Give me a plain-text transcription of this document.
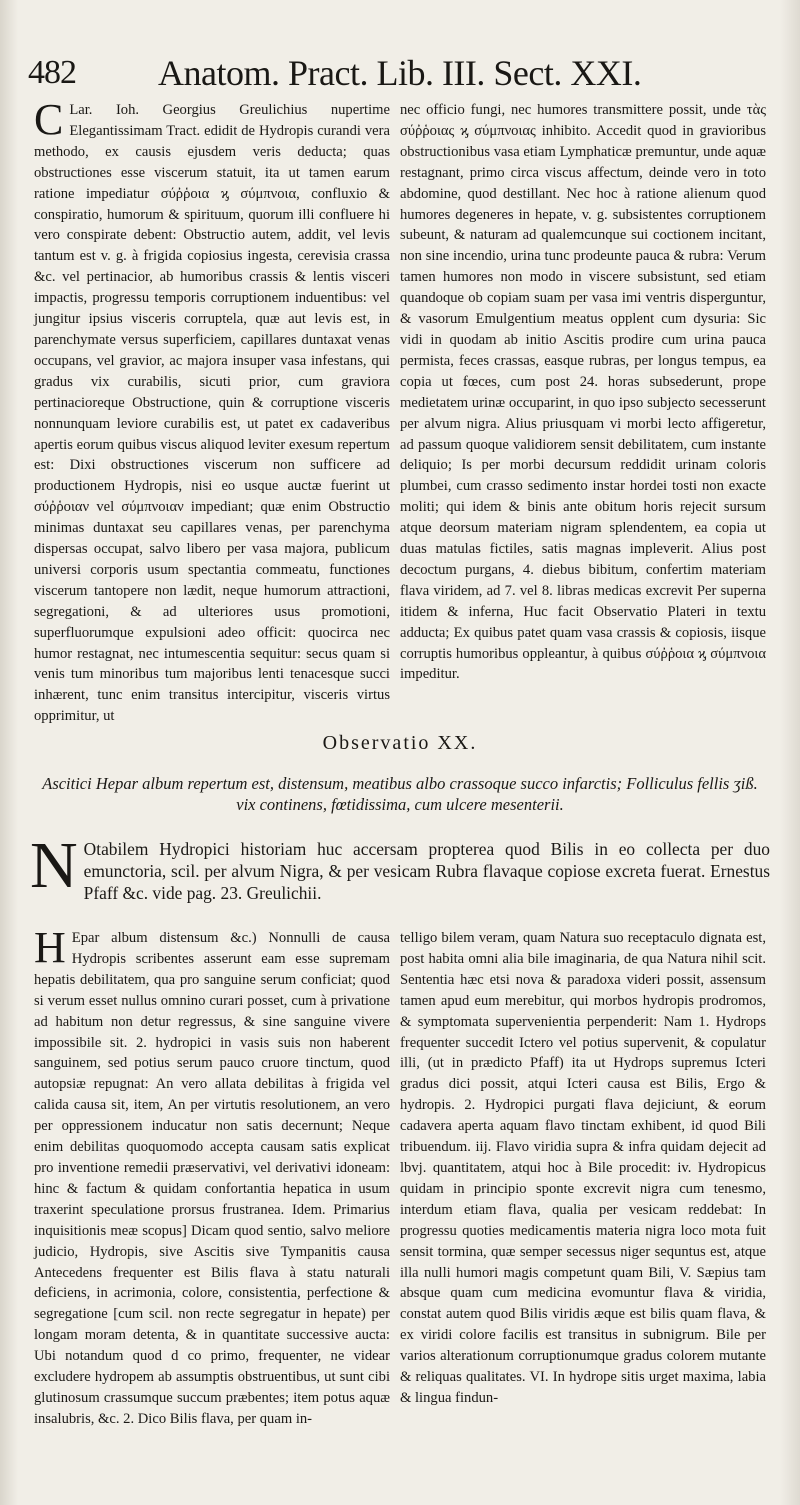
482 Anatom. Pract. Lib. III. Sect. XXI.

C Lar. Ioh. Georgius Greulichius nupertime Elegantissimam Tract. edidit de Hydropis curandi vera methodo, ex causis ejusdem veris deducta; quas obstructiones esse viscerum statuit, ita ut tamen earum ratione impediatur σύῤῥοια ϗ σύμπνοια, confluxio & conspiratio, humorum & spirituum, quorum illi confluere hi vero conspirate debent: Obstructio autem, addit, vel levis tantum est v. g. à frigida copiosius ingesta, cerevisia crassa &c. vel pertinacior, ab humoribus crassis & lentis visceri impactis, progressu temporis corruptionem induentibus: vel jungitur ipsius visceris corruptela, quæ aut levis est, in parenchymate versus superficiem, capillares duntaxat venas occupans, vel gravior, ac majora insuper vasa infestans, qui gradus vix curabilis, sicuti prior, cum graviora pertinacioreque Obstructione, quin & corruptione visceris nonnunquam leviore curabilis est, ut patet ex cadaveribus apertis eorum quibus viscus aliquod leviter exesum repertum est: Dixi obstructiones viscerum non sufficere ad productionem Hydropis, nisi eo usque auctæ fuerint ut σύῤῥοιαν vel σύμπνοιαν impediant; quæ enim Obstructio minimas duntaxat seu capillares venas, per parenchyma dispersas occupat, salvo libero per vasa majora, publicum universi corporis usum spectantia commeatu, functiones viscerum tantopere non lædit, neque humorum attractioni, segregationi, & ad ulteriores usus promotioni, superfluorumque expulsioni adeo officit: quocirca nec humor restagnat, nec intumescentia sequitur: secus quam si venis tum minoribus tum majoribus lenti tenacesque succi inhærent, tunc enim transitus intercipitur, visceris virtus opprimitur, ut

nec officio fungi, nec humores transmittere possit, unde τὰς σύῤῥοιας ϗ σύμπνοιας inhibito. Accedit quod in gravioribus obstructionibus vasa etiam Lymphaticæ premuntur, unde aquæ restagnant, primo circa viscus affectum, deinde vero in toto abdomine, quod destillant. Nec hoc à ratione alienum quod humores degeneres in hepate, v. g. subsistentes corruptionem subeunt, & naturam ad qualemcunque sui coctionem incitant, non sine incendio, urina tunc prodeunte pauca & rubra: Verum tamen humores non modo in viscere subsistunt, sed etiam quandoque ob copiam suam per vasa imi ventris disperguntur, & vasorum Emulgentium meatus opplent cum dysuria: Sic vidi in quodam ab initio Ascitis prodire cum urina pauca permista, feces crassas, easque rubras, per longus tempus, ea copia ut fœces, cum post 24. horas subsederunt, prope medietatem urinæ occuparint, in quo ipso subjecto secesserunt per alvum nigra. Alius priusquam vi morbi lecto affigeretur, ad passum quoque validiorem sensit debilitatem, cum instante deliquio; Is per morbi decursum reddidit urinam coloris plumbei, cum crasso sedimento instar hordei tosti non exacte moliti; qui idem & binis ante obitum horis rejecit sursum atque deorsum materiam nigram splendentem, ea copia ut duas matulas fictiles, satis magnas impleverit. Alius post decoctum purgans, 4. diebus bibitum, confertim materiam flava viridem, ad 7. vel 8. libras medicas excrevit Per superna itidem & inferna, Huc facit Observatio Plateri in textu adducta; Ex quibus patet quam vasa crassis & copiosis, iisque corruptis humoribus oppleantur, à quibus σύῤῥοια ϗ σύμπνοια impeditur.

Observatio XX.
Ascitici Hepar album repertum est, distensum, meatibus albo crassoque succo infarctis; Folliculus fellis ʒiß. vix continens, fœtidissima, cum ulcere mesenterii.
N Otabilem Hydropici historiam huc accersam propterea quod Bilis in eo collecta per duo emunctoria, scil. per alvum Nigra, & per vesicam Rubra flavaque copiose excreta fuerat. Ernestus Pfaff &c. vide pag. 23. Greulichii.

H Epar album distensum &c.) Nonnulli de causa Hydropis scribentes asserunt eam esse supremam hepatis debilitatem, qua pro sanguine serum conficiat; quod si verum esset nullus omnino curari posset, cum à privatione ad habitum non detur regressus, & sine sanguine vivere impossibile sit. 2. hydropici in vasis suis non haberent sanguinem, sed potius serum pauco cruore tinctum, quod autopsiæ repugnat: An vero allata debilitas à frigida vel calida causa sit, item, An per virtutis resolutionem, an vero per oppressionem inducatur non satis decernunt; Neque enim debilitas quoquomodo accepta causam satis explicat pro inventione remedii præservativi, vel derivativi idoneam: hinc & factum & quidam confortantia hepatica in usum traxerint speculatione prorsus frustranea. Idem. Primarius inquisitionis meæ scopus] Dicam quod sentio, salvo meliore judicio, Hydropis, sive Ascitis sive Tympanitis causa Antecedens frequenter est Bilis flava à statu naturali deficiens, in acrimonia, colore, consistentia, perfectione & segregatione [cum scil. non recte segregatur in hepate) per longam moram detenta, & in quantitate successive aucta: Ubi notandum quod d co primo, frequenter, ne videar excludere hydropem ab assumptis obstruentibus, ut sunt cibi glutinosum crassumque succum præbentes; item potus aquæ insalubris, &c. 2. Dico Bilis flava, per quam in-

telligo bilem veram, quam Natura suo receptaculo dignata est, post habita omni alia bile imaginaria, de qua Natura nihil scit. Sententia hæc etsi nova & paradoxa videri possit, assensum tamen apud eum merebitur, qui morbos hydropis prodromos, & symptomata supervenientia perpenderit: Nam 1. Hydrops frequenter succedit Ictero vel potius supervenit, & copulatur illi, (ut in prædicto Pfaff) ita ut Hydrops supremus Icteri gradus dici possit, atqui Icteri causa est Bilis, Ergo & hydropis. 2. Hydropici purgati flava dejiciunt, & eorum cadavera aperta aquam flavo tinctam exhibent, id quod Bili tribuendum. iij. Flavo viridia supra & infra quidam dejecit ad lbvj. quantitatem, atqui hoc à Bile procedit: iv. Hydropicus quidam in principio sponte excrevit nigra cum tenesmo, interdum etiam flava, qualia per vesicam reddebat: In progressu quoties medicamentis materia nigra loco mota fuit sensit tormina, quæ semper secessus niger sequntus est, atque illa nulli humori magis competunt quam Bili, V. Sæpius tam absque quam cum medicina evomuntur flava & viridia, constat autem quod Bilis viridis æque est bilis quam flava, & ex viridi colore facilis est transitus in subnigrum. Bile per varios alterationum corruptionumque gradus colorem mutante & reliquas qualitates. VI. In hydrope sitis urget maxima, labia & lingua findun-
